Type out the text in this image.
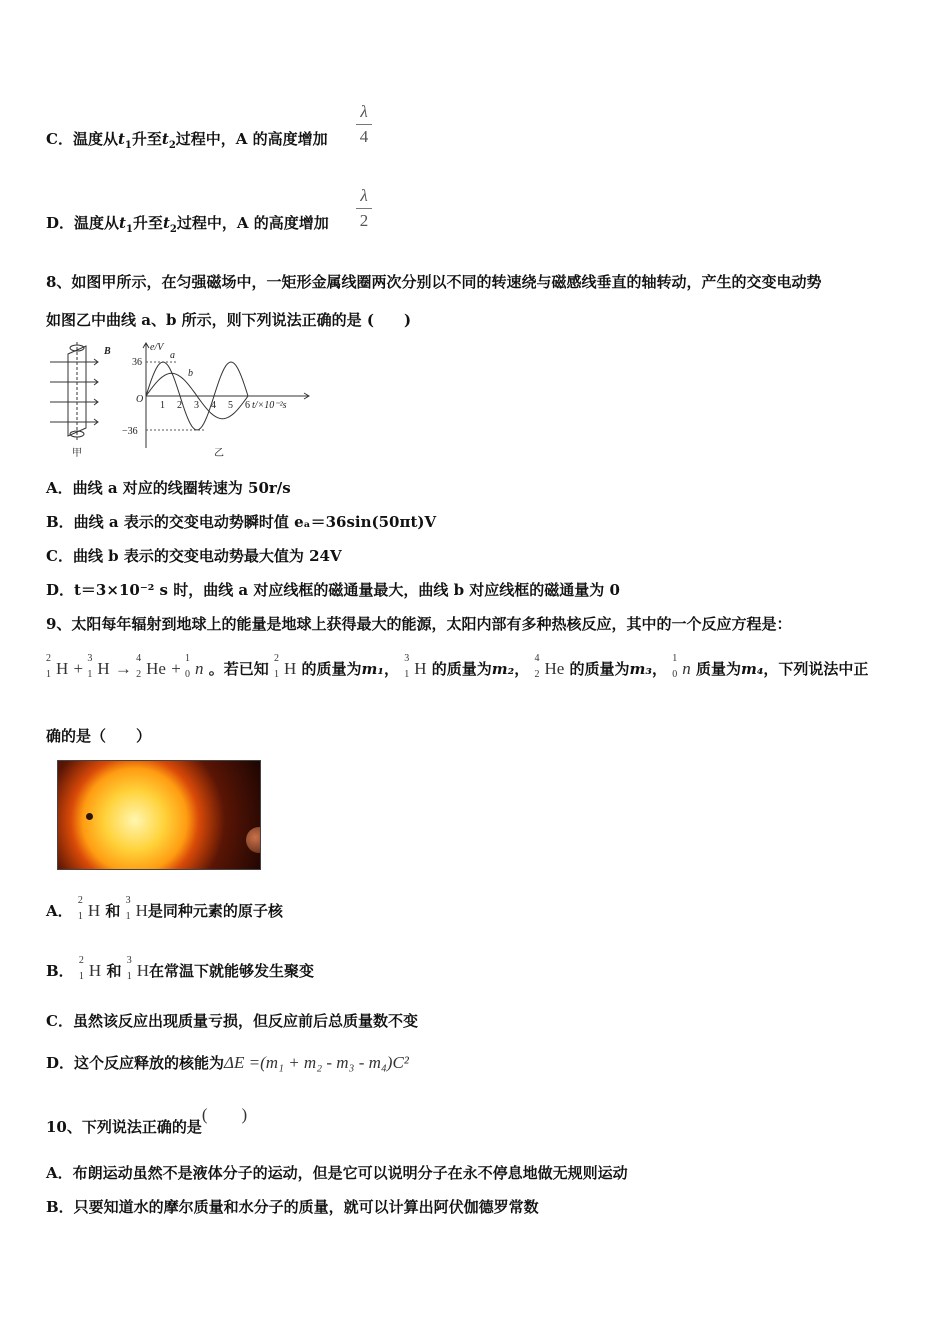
C．温度从$t_1$升至$t_2$过程中，A 的高度增加
λ
4
D．温度从$t_1$升至$t_2$过程中，A 的高度增加
λ
2
8、如图甲所示，在匀强磁场中，一矩形金属线圈两次分别以不同的转速绕与磁感线垂直的轴转动，产生的交变电动势
如图乙中曲线 a、b 所示，则下列说法正确的是 (　　)
B
甲
e/V
36
−36
O
a
b
1 2 3 4 5 6 t/×10⁻²s
乙
A．曲线 a 对应的线圈转速为 50r/s
B．曲线 a 表示的交变电动势瞬时值 eₐ＝36sin(50πt)V
C．曲线 b 表示的交变电动势最大值为 24V
D．t＝3×10⁻² s 时，曲线 a 对应线框的磁通量最大，曲线 b 对应线框的磁通量为 0
9、太阳每年辐射到地球上的能量是地球上获得最大的能源，太阳内部有多种热核反应，其中的一个反应方程是：
2
1 H +
3
1 H →
4
2 He +
1
0 n 。若已知
2
1 H 的质量为m₁，
3
1 H 的质量为m₂，
4
2 He 的质量为m₃，
1
0 n 质量为m₄，下列说法中正
确的是（　　）
A．
2
1 H 和
3
1 H是同种元素的原子核
B．
2
1 H 和
3
1 H在常温下就能够发生聚变
C．虽然该反应出现质量亏损，但反应前后总质量数不变
D．这个反应释放的核能为ΔE =(m₁ + m₂ - m₃ - m₄)C²
10、下列说法正确的是(　　)
A．布朗运动虽然不是液体分子的运动，但是它可以说明分子在永不停息地做无规则运动
B．只要知道水的摩尔质量和水分子的质量，就可以计算出阿伏伽德罗常数
